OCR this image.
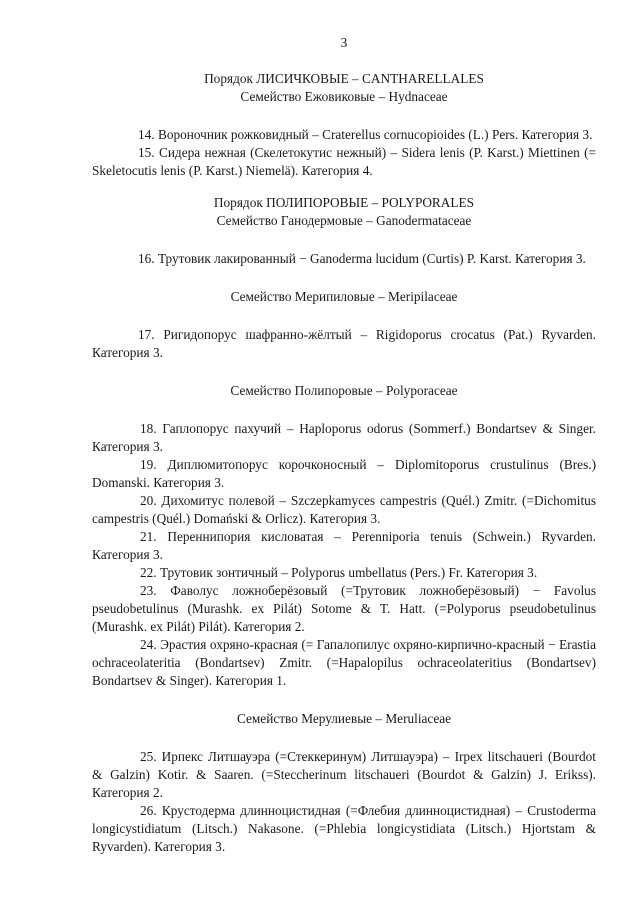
3

Порядок ЛИСИЧКОВЫЕ – CANTHARELLALES

Семейство Ежовиковые – Hydnaceae

14. Вороночник рожковидный – Craterellus cornucopioides (L.) Pers. Категория 3.

15. Сидера нежная (Скелетокутис нежный) – Sidera lenis (P. Karst.) Miettinen (= Skeletocutis lenis (P. Karst.) Niemelä). Категория 4.

Порядок ПОЛИПОРОВЫЕ – POLYPORALES

Семейство Ганодермовые – Ganodermataceae

16. Трутовик лакированный − Ganoderma lucidum (Curtis) P. Karst. Категория 3.

Семейство Мерипиловые – Meripilaceae

17. Ригидопорус шафранно-жёлтый – Rigidoporus crocatus (Pat.) Ryvarden. Категория 3.

Семейство Полипоровые – Polyporaceae

18. Гаплопорус пахучий – Haploporus odorus (Sommerf.) Bondartsev & Singer. Категория 3.

19. Диплюмитопорус корочконосный – Diplomitoporus crustulinus (Bres.) Domanski. Категория 3.

20. Дихомитус полевой – Szczepkamyces campestris (Quél.) Zmitr. (=Dichomitus campestris (Quél.) Domański & Orlicz). Категория 3.

21. Переннипория кисловатая – Perenniporia tenuis (Schwein.) Ryvarden. Категория 3.

22. Трутовик зонтичный – Polyporus umbellatus (Pers.) Fr. Категория 3.

23. Фаволус ложноберёзовый (=Трутовик ложноберёзовый) − Favolus pseudobetulinus (Murashk. ex Pilát) Sotome & T. Hatt. (=Polyporus pseudobetulinus (Murashk. ex Pilát) Pilát). Категория 2.

24. Эрастия охряно-красная (= Гапалопилус охряно-кирпично-красный − Erastia ochraceolateritia (Bondartsev) Zmitr. (=Hapalopilus ochraceolateritius (Bondartsev) Bondartsev & Singer). Категория 1.

Семейство Мерулиевые – Meruliaceae

25. Ирпекс Литшауэра (=Стеккеринум) Литшауэра) – Irpex litschaueri (Bourdot & Galzin) Kotir. & Saaren. (=Steccherinum litschaueri (Bourdot & Galzin) J. Erikss). Категория 2.

26. Крустодерма длинноцистидная (=Флебия длинноцистидная) – Crustoderma longicystidiatum (Litsch.) Nakasone. (=Phlebia longicystidiata (Litsch.) Hjortstam & Ryvarden). Категория 3.
